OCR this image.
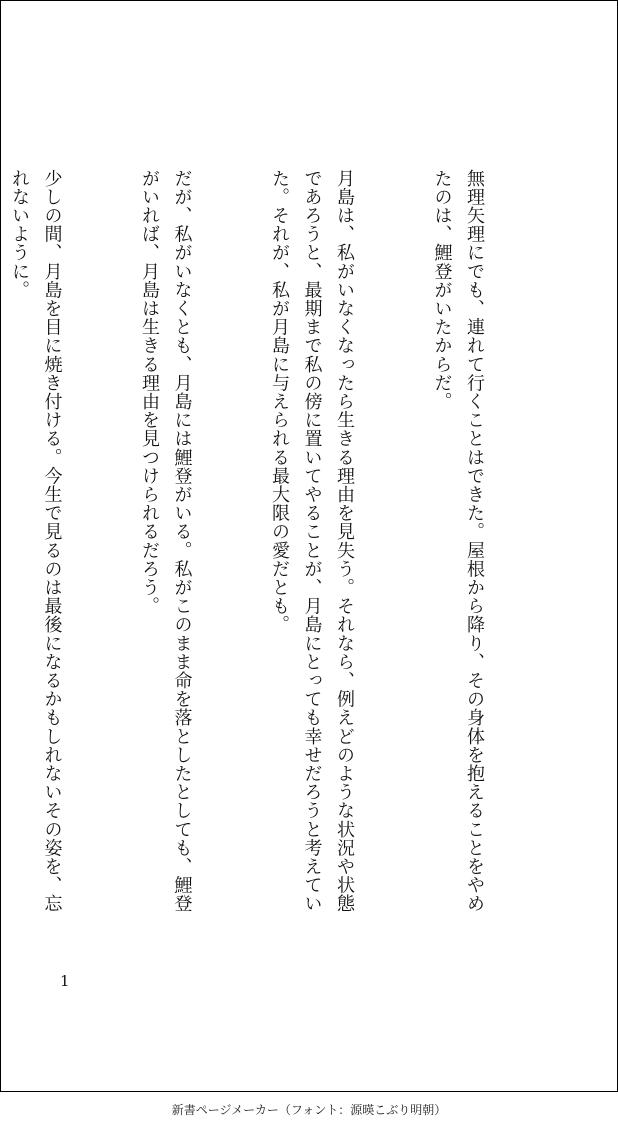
無理矢理にでも、連れて行くことはできた。屋根から降り、その身体を抱えることをやめたのは、鯉登がいたからだ。

月島は、私がいなくなったら生きる理由を見失う。それなら、例えどのような状況や状態であろうと、最期まで私の傍に置いてやることが、月島にとっても幸せだろうと考えていた。それが、私が月島に与えられる最大限の愛だとも。

だが、私がいなくとも、月島には鯉登がいる。私がこのまま命を落としたとしても、鯉登がいれば、月島は生きる理由を見つけられるだろう。

少しの間、月島を目に焼き付ける。今生で見るのは最後になるかもしれないその姿を、忘れないように。

1
新書ページメーカー（フォント：源暎こぶり明朝）
